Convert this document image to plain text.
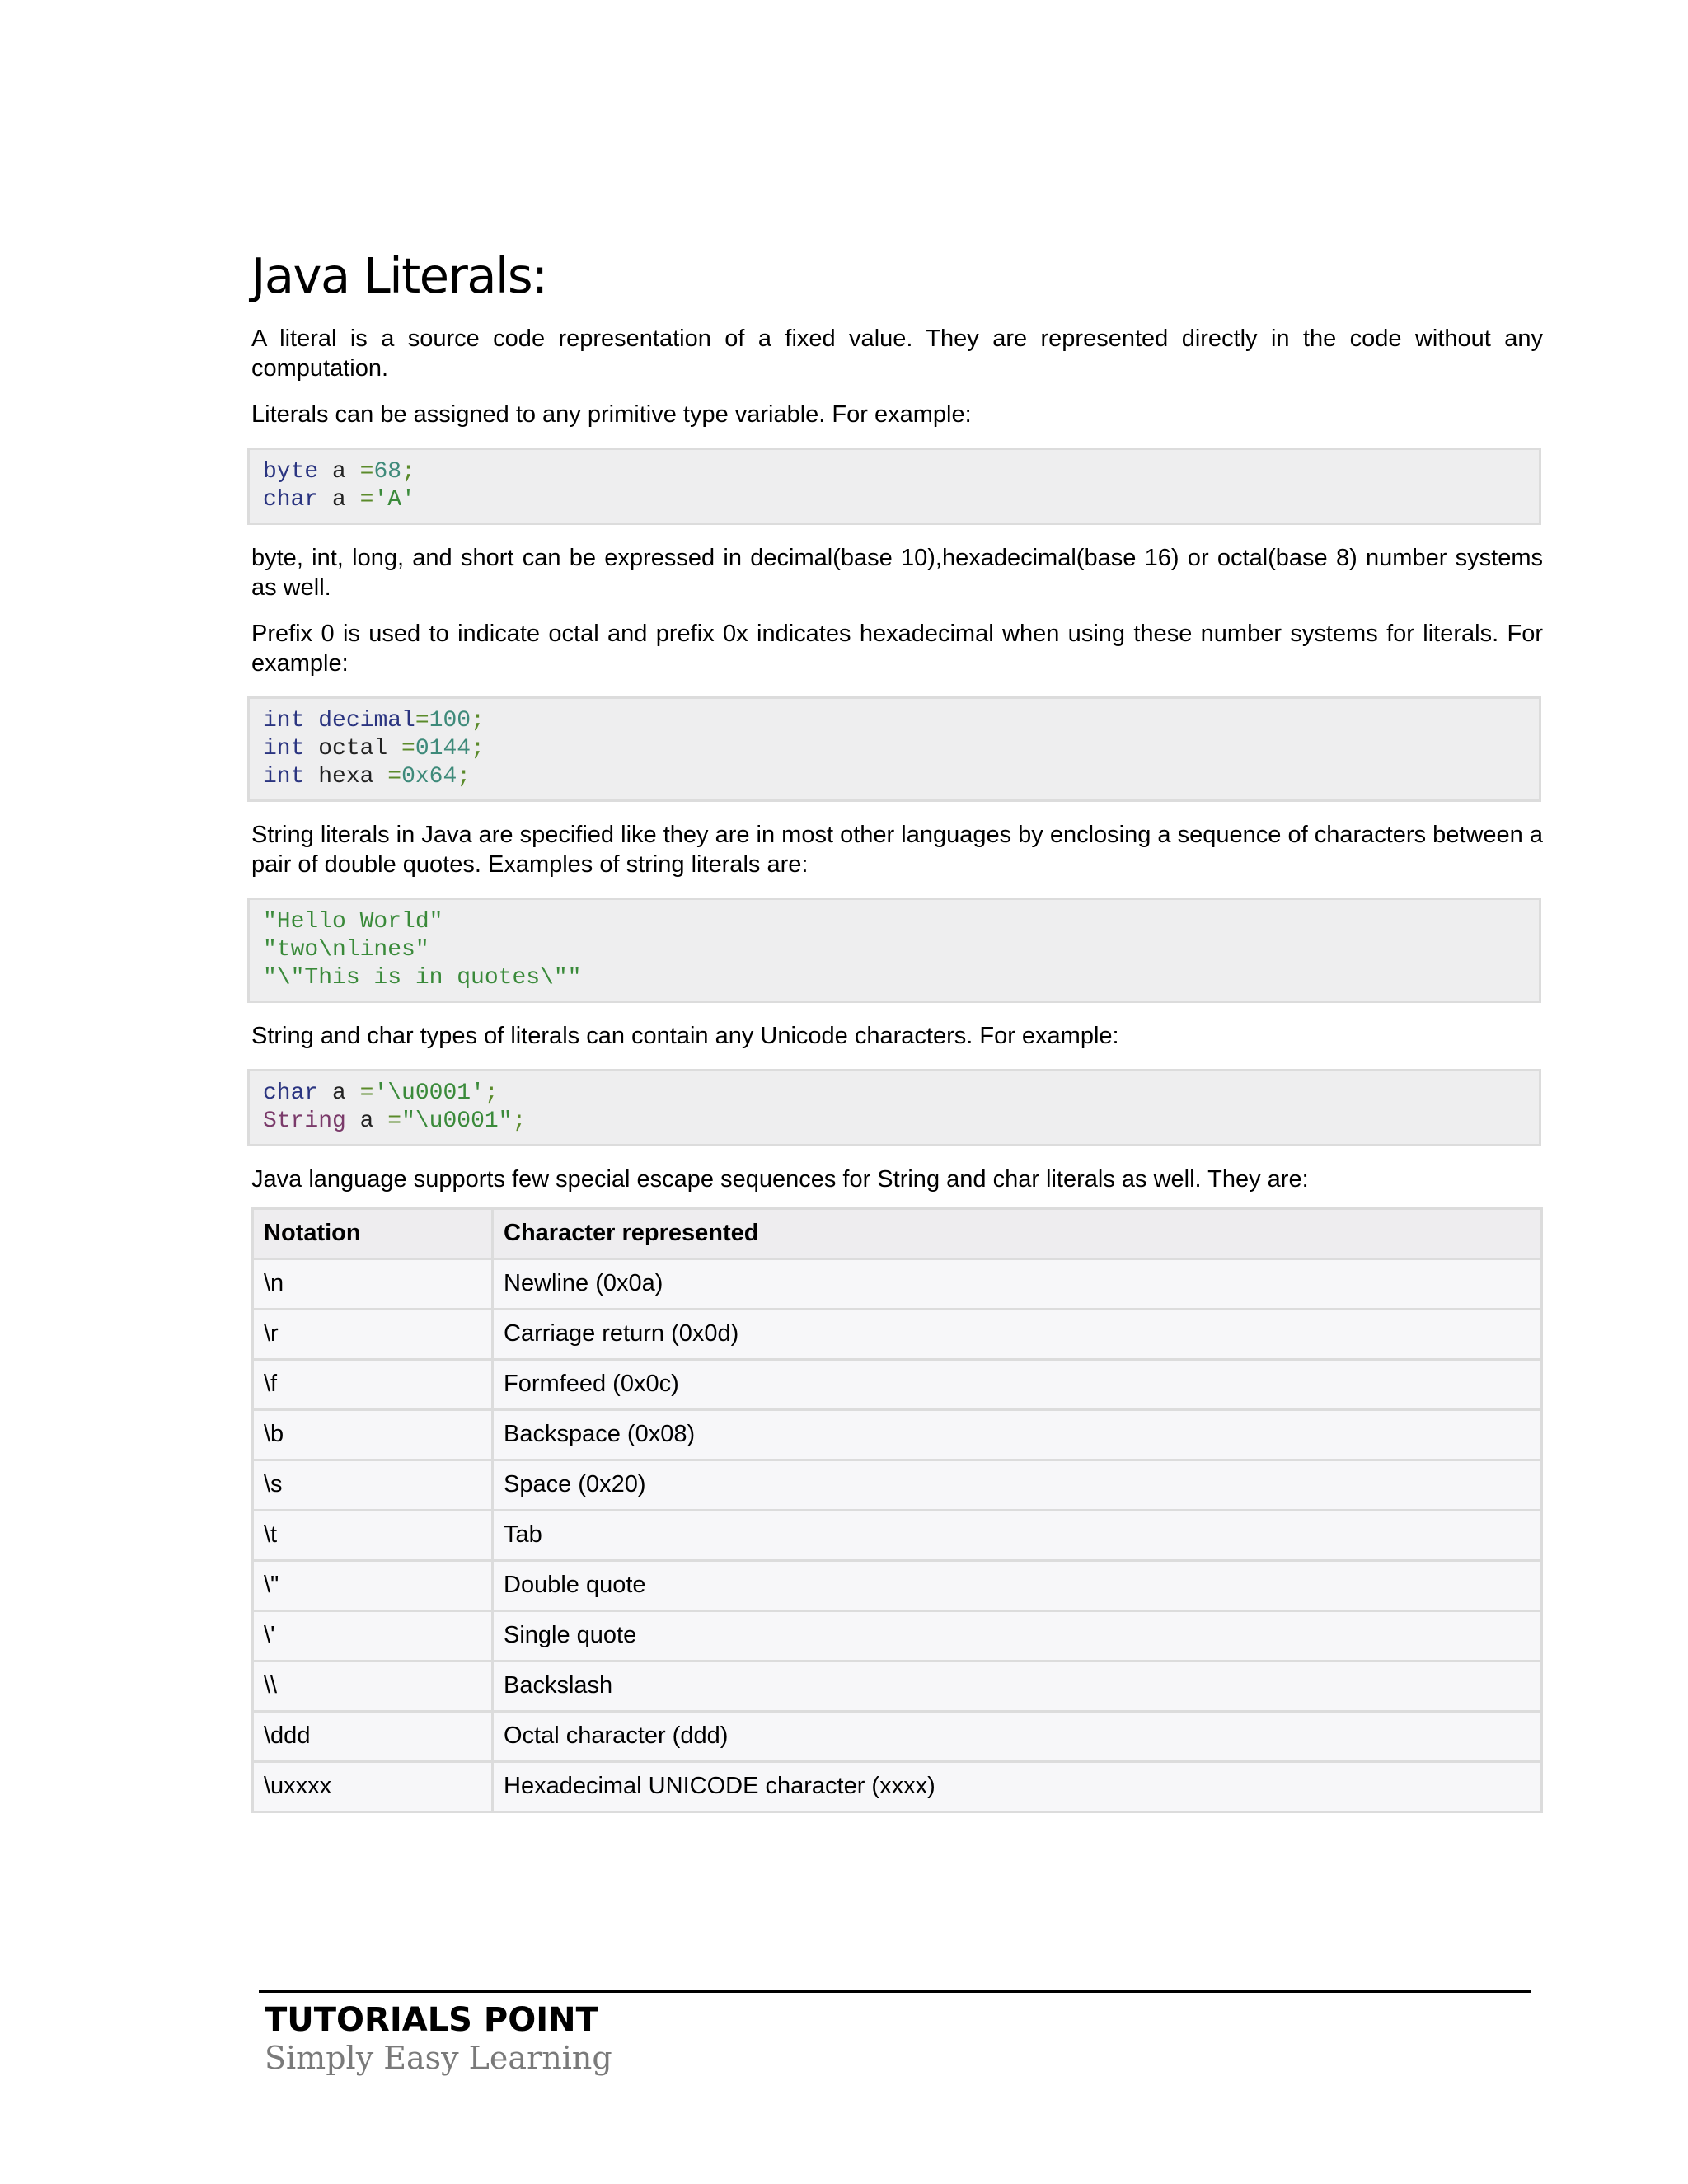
Java Literals:

A literal is a source code representation of a fixed value. They are represented directly in the code without any computation.

Literals can be assigned to any primitive type variable. For example:

byte a =68;
char a ='A'

byte, int, long, and short can be expressed in decimal(base 10),hexadecimal(base 16) or octal(base 8) number systems as well.

Prefix 0 is used to indicate octal and prefix 0x indicates hexadecimal when using these number systems for literals. For example:

int decimal=100;
int octal =0144;
int hexa =0x64;

String literals in Java are specified like they are in most other languages by enclosing a sequence of characters between a pair of double quotes. Examples of string literals are:

"Hello World"
"two\nlines"
"\"This is in quotes\""

String and char types of literals can contain any Unicode characters. For example:

char a ='\u0001';
String a ="\u0001";

Java language supports few special escape sequences for String and char literals as well. They are:

Notation	Character represented
\n	Newline (0x0a)
\r	Carriage return (0x0d)
\f	Formfeed (0x0c)
\b	Backspace (0x08)
\s	Space (0x20)
\t	Tab
\"	Double quote
\'	Single quote
\\	Backslash
\ddd	Octal character (ddd)
\uxxxx	Hexadecimal UNICODE character (xxxx)
TUTORIALS POINT
Simply Easy Learning
